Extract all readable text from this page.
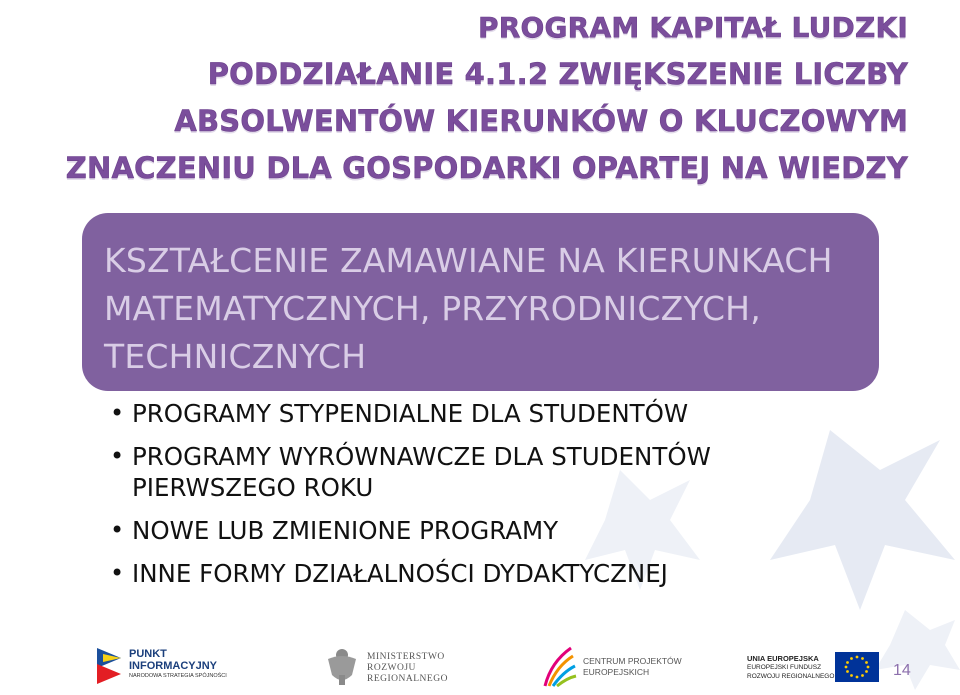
PROGRAM KAPITAŁ LUDZKI
PODDZIAŁANIE 4.1.2 ZWIĘKSZENIE LICZBY
ABSOLWENTÓW KIERUNKÓW O KLUCZOWYM
ZNACZENIU DLA GOSPODARKI OPARTEJ NA WIEDZY
KSZTAŁCENIE ZAMAWIANE NA KIERUNKACH
MATEMATYCZNYCH, PRZYRODNICZYCH,
TECHNICZNYCH
• PROGRAMY STYPENDIALNE DLA STUDENTÓW
• PROGRAMY WYRÓWNAWCZE DLA STUDENTÓW
PIERWSZEGO ROKU
• NOWE LUB ZMIENIONE PROGRAMY
• INNE FORMY DZIAŁALNOŚCI DYDAKTYCZNEJ
PUNKT
INFORMACYJNY
NARODOWA STRATEGIA SPÓJNOŚCI
MINISTERSTWO
ROZWOJU
REGIONALNEGO
CENTRUM PROJEKTÓW
EUROPEJSKICH
UNIA EUROPEJSKA
EUROPEJSKI FUNDUSZ
ROZWOJU REGIONALNEGO	14
